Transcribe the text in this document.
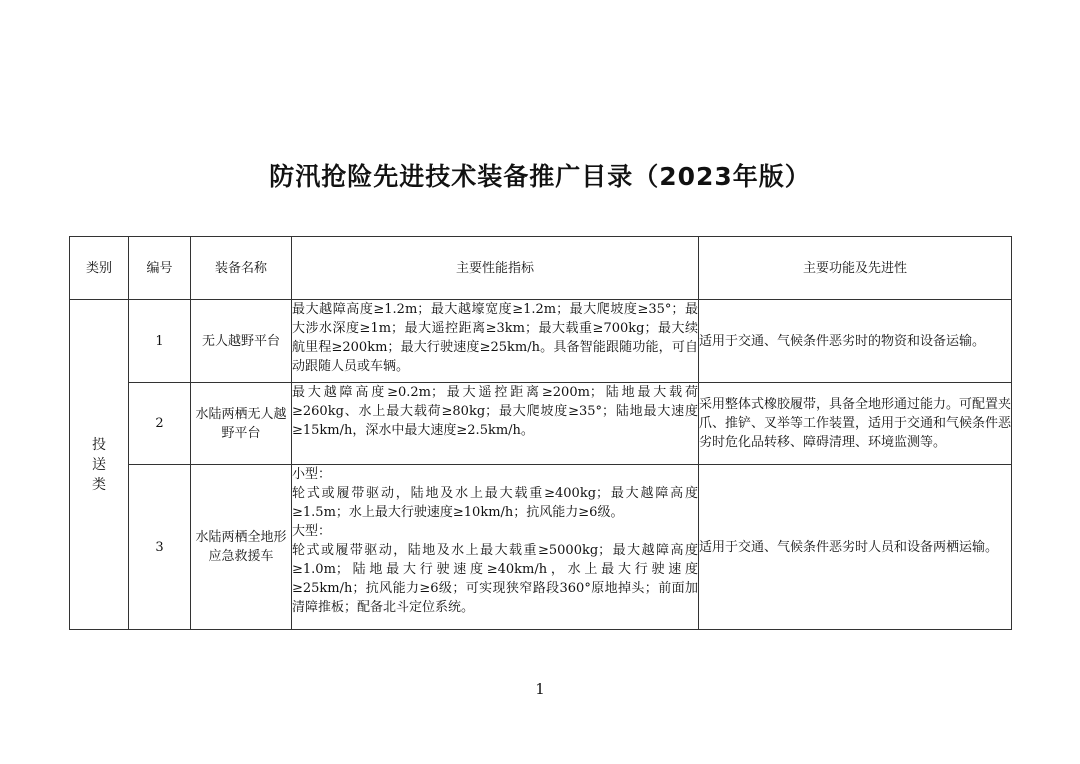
防汛抢险先进技术装备推广目录（2023年版）
类别	编号	装备名称	主要性能指标	主要功能及先进性
投送类	1	无人越野平台	最大越障高度≥1.2m；最大越壕宽度≥1.2m；最大爬坡度≥35°；最大涉水深度≥1m；最大遥控距离≥3km；最大载重≥700kg；最大续航里程≥200km；最大行驶速度≥25km/h。具备智能跟随功能，可自动跟随人员或车辆。	适用于交通、气候条件恶劣时的物资和设备运输。
	2	水陆两栖无人越野平台	最大越障高度≥0.2m；最大遥控距离≥200m；陆地最大载荷≥260kg、水上最大载荷≥80kg；最大爬坡度≥35°；陆地最大速度≥15km/h，深水中最大速度≥2.5km/h。	采用整体式橡胶履带，具备全地形通过能力。可配置夹爪、推铲、叉举等工作装置，适用于交通和气候条件恶劣时危化品转移、障碍清理、环境监测等。
	3	水陆两栖全地形应急救援车	小型：
轮式或履带驱动，陆地及水上最大载重≥400kg；最大越障高度≥1.5m；水上最大行驶速度≥10km/h；抗风能力≥6级。
大型：
轮式或履带驱动，陆地及水上最大载重≥5000kg；最大越障高度≥1.0m；陆地最大行驶速度≥40km/h，水上最大行驶速度≥25km/h；抗风能力≥6级；可实现狭窄路段360°原地掉头；前面加清障推板；配备北斗定位系统。	适用于交通、气候条件恶劣时人员和设备两栖运输。
1
